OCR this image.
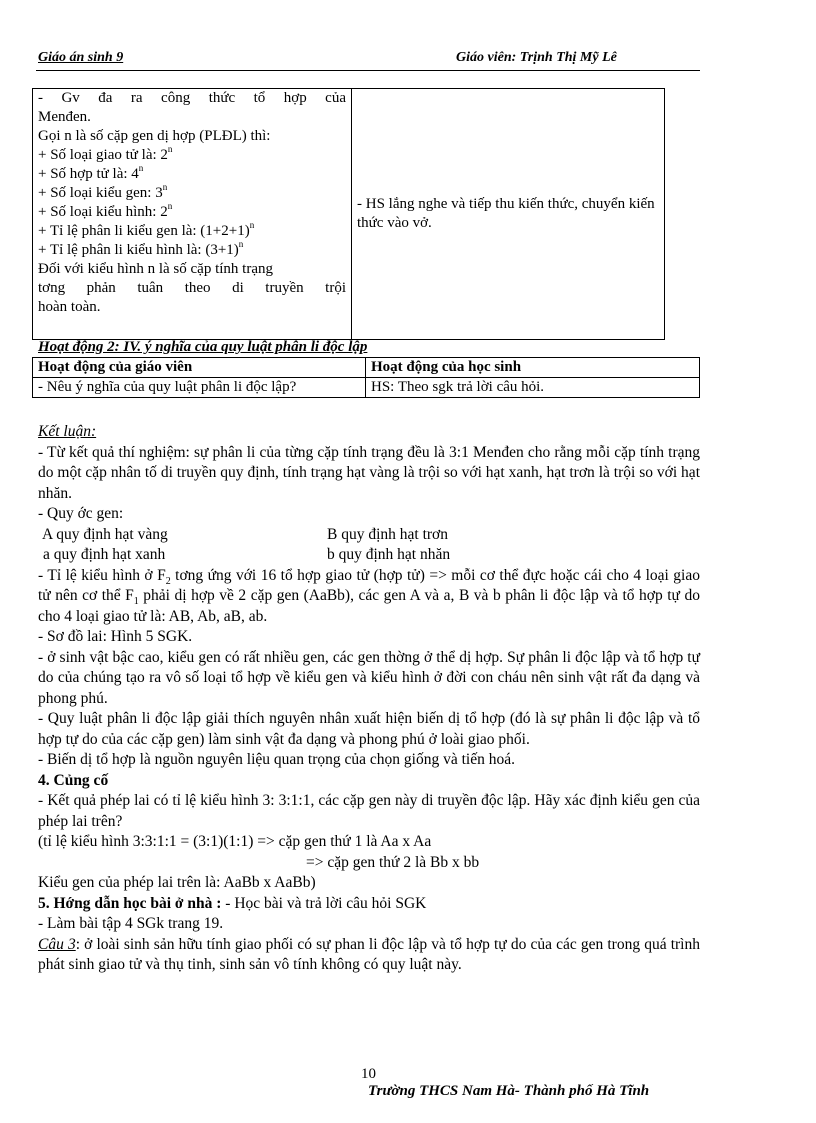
Giáo án sinh 9	Giáo viên: Trịnh Thị Mỹ Lê
- Gv đa ra công thức tổ hợp của
Menđen.
Gọi n là số cặp gen dị hợp (PLĐL) thì:
+ Số loại giao tử là: $2^n$
+ Số hợp tử là: $4^n$
+ Số loại kiểu gen: $3^n$
+ Số loại kiểu hình: $2^n$
+ Tỉ lệ phân li kiểu gen là: $(1+2+1)^n$
+ Tỉ lệ phân li kiểu hình là: $(3+1)^n$
Đối với kiểu hình n là số cặp tính trạng
tơng phản tuân theo di truyền trội
hoàn toàn.
	- HS lắng nghe và tiếp thu kiến thức, chuyển kiến thức vào vở.
Hoạt động 2: IV. ý nghĩa của quy luật phân li độc lập
Hoạt động của giáo viên	Hoạt động của học sinh
- Nêu ý nghĩa của quy luật phân li độc lập?	HS: Theo sgk trả lời câu hỏi.

Kết luận:

- Từ kết quả thí nghiệm: sự phân li của từng cặp tính trạng đều là 3:1 Menđen cho rằng mỗi cặp tính trạng do một cặp nhân tố di truyền quy định, tính trạng hạt vàng là trội so với hạt xanh, hạt trơn là trội so với hạt nhăn.

- Quy ớc gen:

A quy định hạt vàng	B quy định hạt trơn
a quy định hạt xanh	b quy định hạt nhăn

- Tỉ lệ kiểu hình ở $F_2$ tơng ứng với 16 tổ hợp giao tử (hợp tử) => mỗi cơ thể đực hoặc cái cho 4 loại giao tử nên cơ thể $F_1$ phải dị hợp về 2 cặp gen (AaBb), các gen A và a, B và b phân li độc lập và tổ hợp tự do cho 4 loại giao tử là: AB, Ab, aB, ab.

- Sơ đồ lai: Hình 5 SGK.

- ở sinh vật bậc cao, kiểu gen có rất nhiều gen, các gen thờng ở thể dị hợp. Sự phân li độc lập và tổ hợp tự do của chúng tạo ra vô số loại tổ hợp về kiểu gen và kiểu hình ở đời con cháu nên sinh vật rất đa dạng và phong phú.

- Quy luật phân li độc lập giải thích nguyên nhân xuất hiện biến dị tổ hợp (đó là sự phân li độc lập và tổ hợp tự do của các cặp gen) làm sinh vật đa dạng và phong phú ở loài giao phối.

- Biến dị tổ hợp là nguồn nguyên liệu quan trọng của chọn giống và tiến hoá.

4. Củng cố

- Kết quả phép lai có tỉ lệ kiểu hình 3: 3:1:1, các cặp gen này di truyền độc lập. Hãy xác định kiểu gen của phép lai trên?

(tỉ lệ kiểu hình 3:3:1:1 = (3:1)(1:1) => cặp gen thứ 1 là Aa x Aa

=> cặp gen thứ 2 là Bb x bb

Kiểu gen của phép lai trên là: AaBb x AaBb)

5. Hớng dẫn học bài ở nhà : - Học bài và trả lời câu hỏi SGK

- Làm bài tập 4 SGk trang 19.

Câu 3: ở loài sinh sản hữu tính giao phối có sự phan li độc lập và tổ hợp tự do của các gen trong quá trình phát sinh giao tử và thụ tinh, sinh sản vô tính không có quy luật này.

10
Trường THCS Nam Hà- Thành phố Hà Tĩnh
